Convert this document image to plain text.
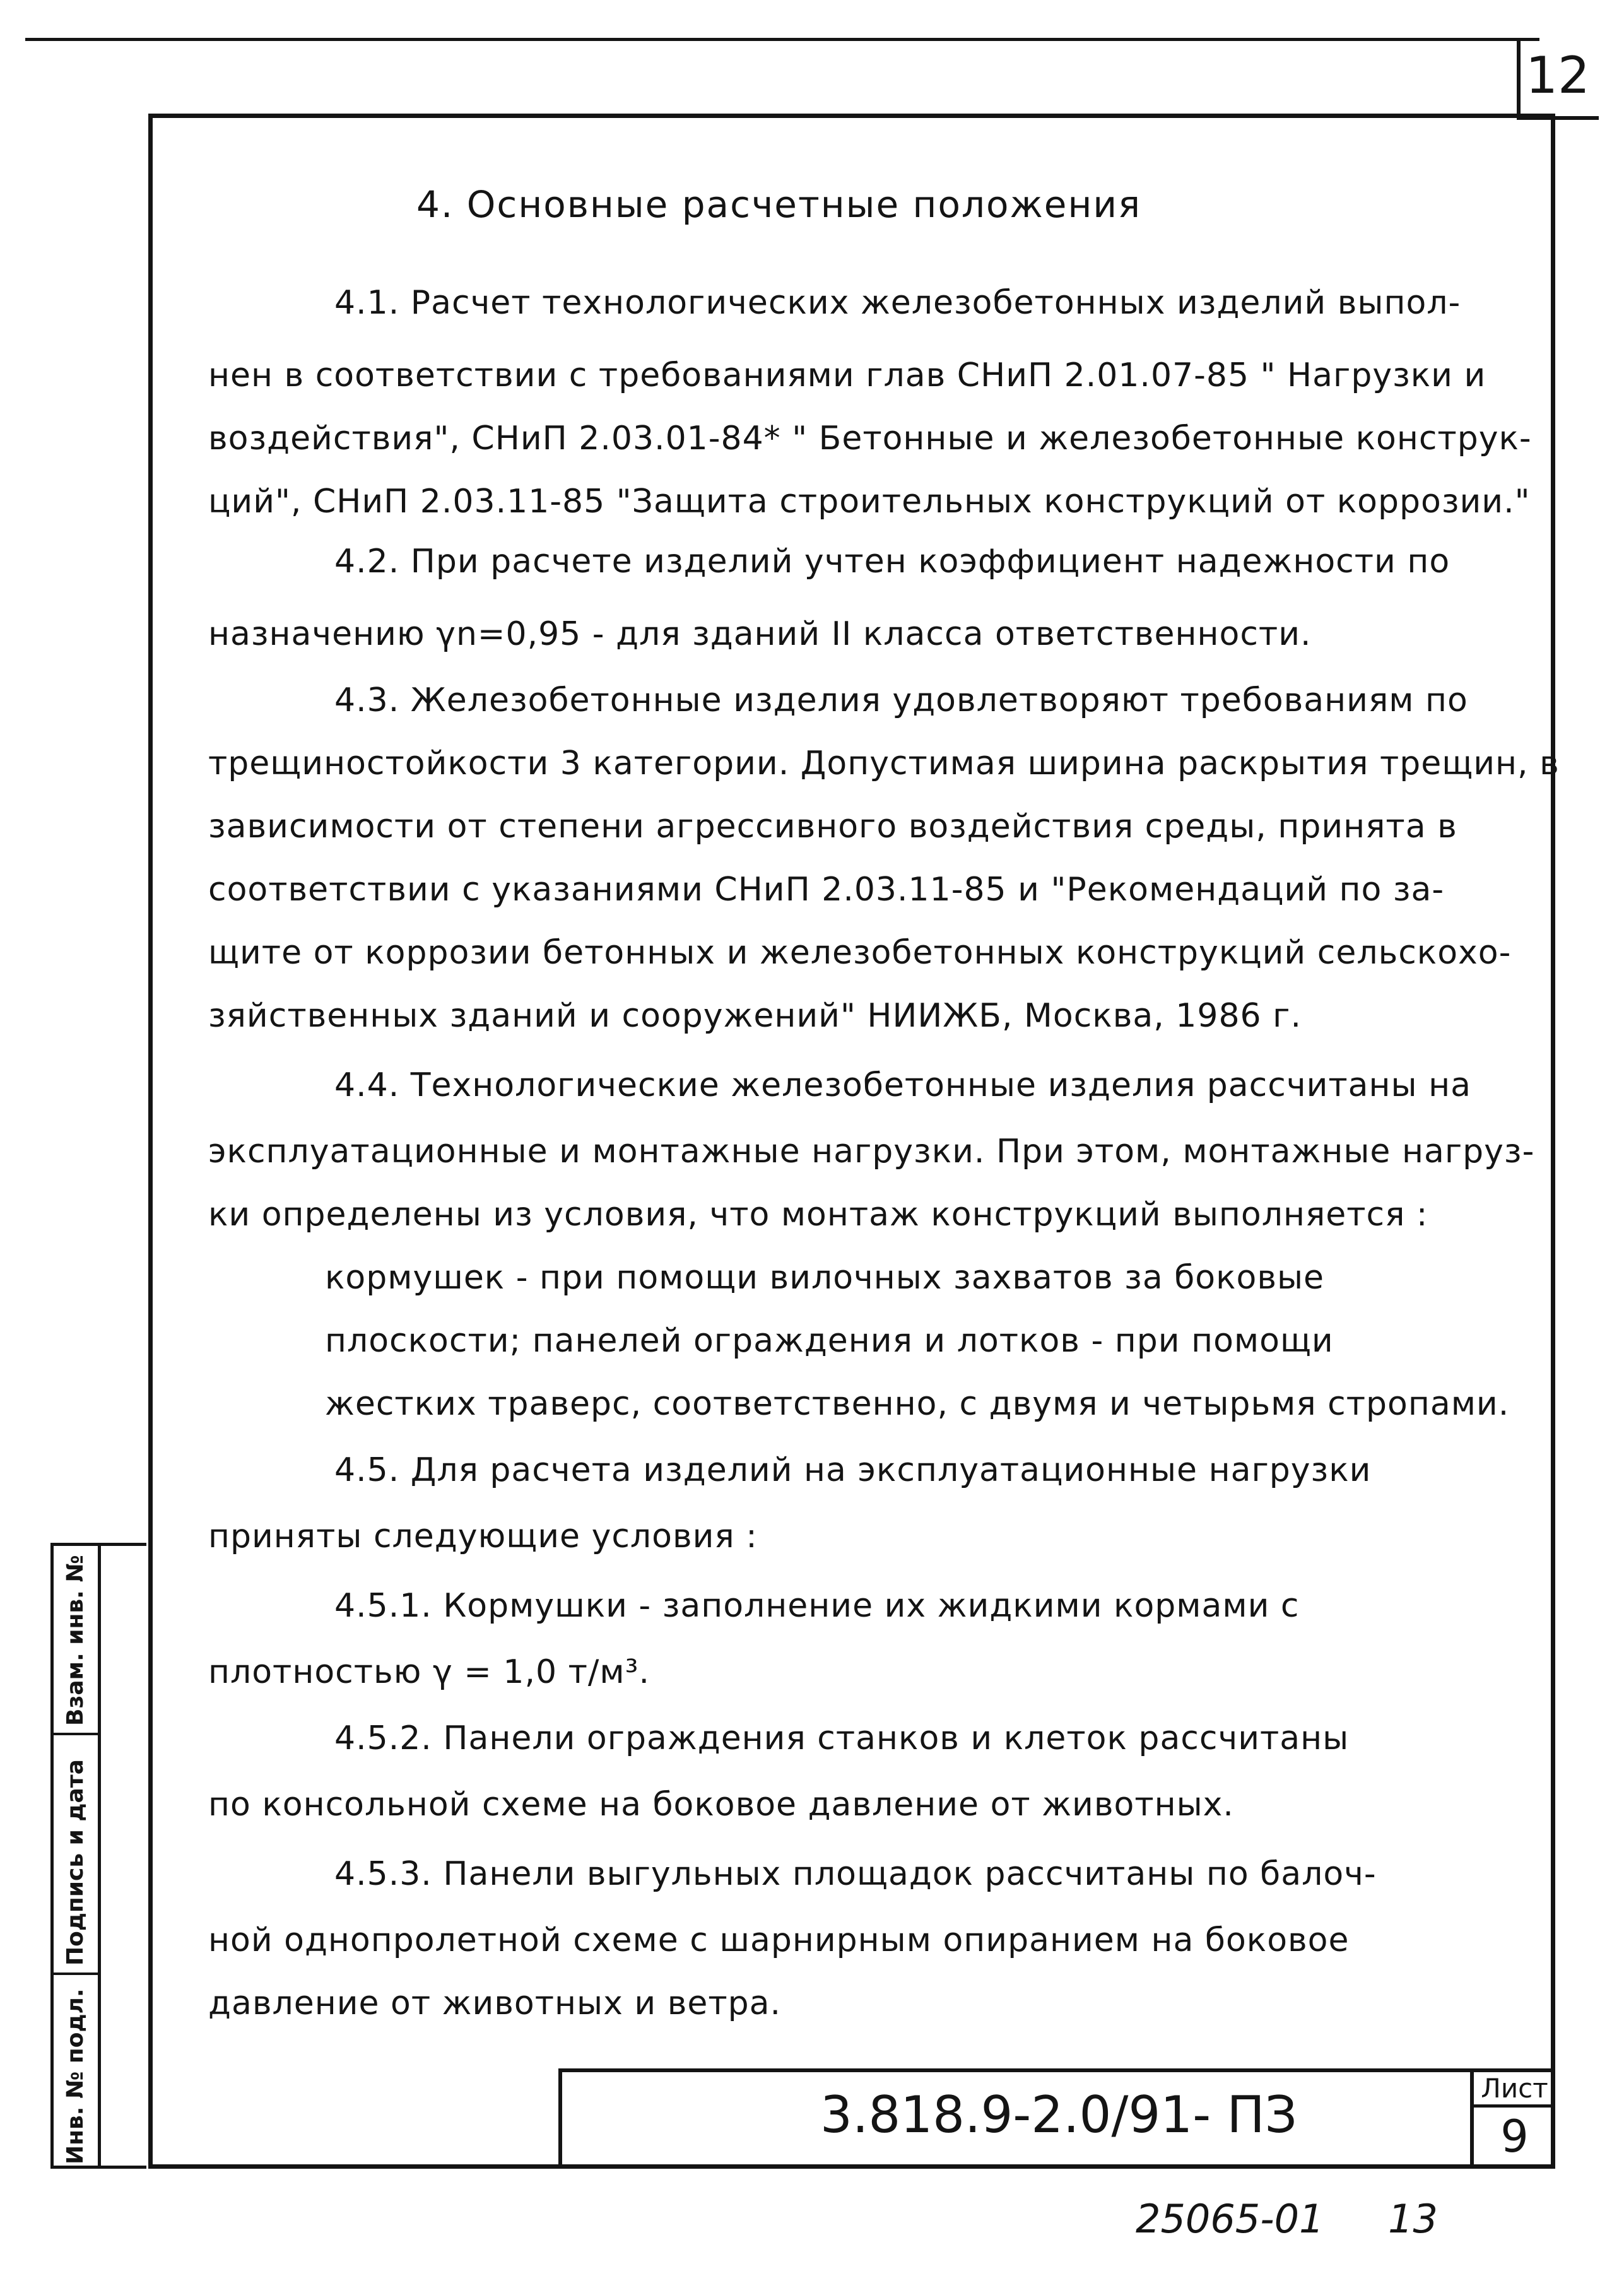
12
Взам. инв. №
Подпись и дата
Инв. № подл.
4. Основные расчетные положения
4.1. Расчет технологических железобетонных изделий выпол-
нен в соответствии с требованиями глав СНиП 2.01.07-85 " Нагрузки и
воздействия", СНиП 2.03.01-84* " Бетонные и железобетонные конструк-
ций", СНиП 2.03.11-85 "Защита строительных конструкций от коррозии."
4.2. При расчете изделий учтен коэффициент надежности по
назначению γn=0,95 - для зданий II класса ответственности.
4.3. Железобетонные изделия удовлетворяют требованиям по
трещиностойкости 3 категории. Допустимая ширина раскрытия трещин, в
зависимости от степени агрессивного воздействия среды, принята в
соответствии с указаниями СНиП 2.03.11-85 и "Рекомендаций по за-
щите от коррозии бетонных и железобетонных конструкций сельскохо-
зяйственных зданий и сооружений" НИИЖБ, Москва, 1986 г.
4.4. Технологические железобетонные изделия рассчитаны на
эксплуатационные и монтажные нагрузки. При этом, монтажные нагруз-
ки определены из условия, что монтаж конструкций выполняется :
кормушек - при помощи вилочных захватов за боковые
плоскости; панелей ограждения и лотков - при помощи
жестких траверс, соответственно, с двумя и четырьмя стропами.
4.5. Для расчета изделий на эксплуатационные нагрузки
приняты следующие условия :
4.5.1. Кормушки - заполнение их жидкими кормами с
плотностью γ = 1,0 т/м³.
4.5.2. Панели ограждения станков и клеток рассчитаны
по консольной схеме на боковое давление от животных.
4.5.3. Панели выгульных площадок рассчитаны по балоч-
ной однопролетной схеме с шарнирным опиранием на боковое
давление от животных и ветра.
3.818.9-2.0/91- ПЗ	Лист
9
25065-01 13
